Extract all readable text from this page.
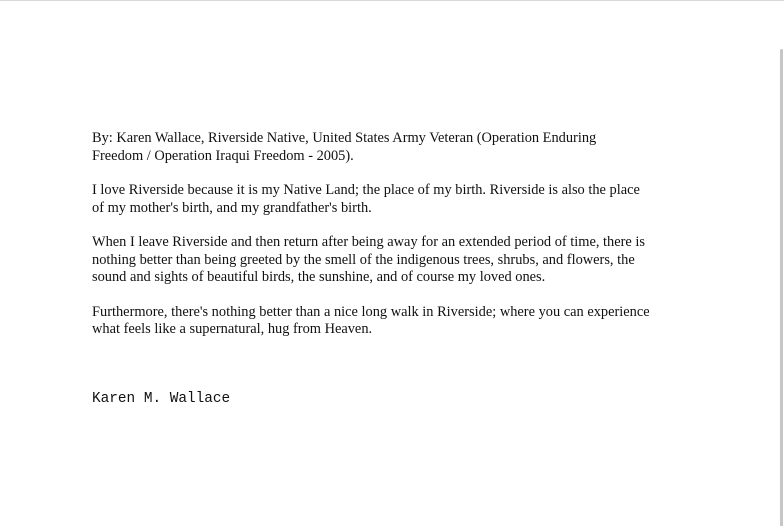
By: Karen Wallace, Riverside Native, United States Army Veteran (Operation Enduring
Freedom / Operation Iraqui Freedom - 2005).

I love Riverside because it is my Native Land; the place of my birth. Riverside is also the place
of my mother's birth, and my grandfather's birth.

When I leave Riverside and then return after being away for an extended period of time, there is
nothing better than being greeted by the smell of the indigenous trees, shrubs, and flowers, the
sound and sights of beautiful birds, the sunshine, and of course my loved ones.

Furthermore, there's nothing better than a nice long walk in Riverside; where you can experience
what feels like a supernatural, hug from Heaven.

Karen M. Wallace
